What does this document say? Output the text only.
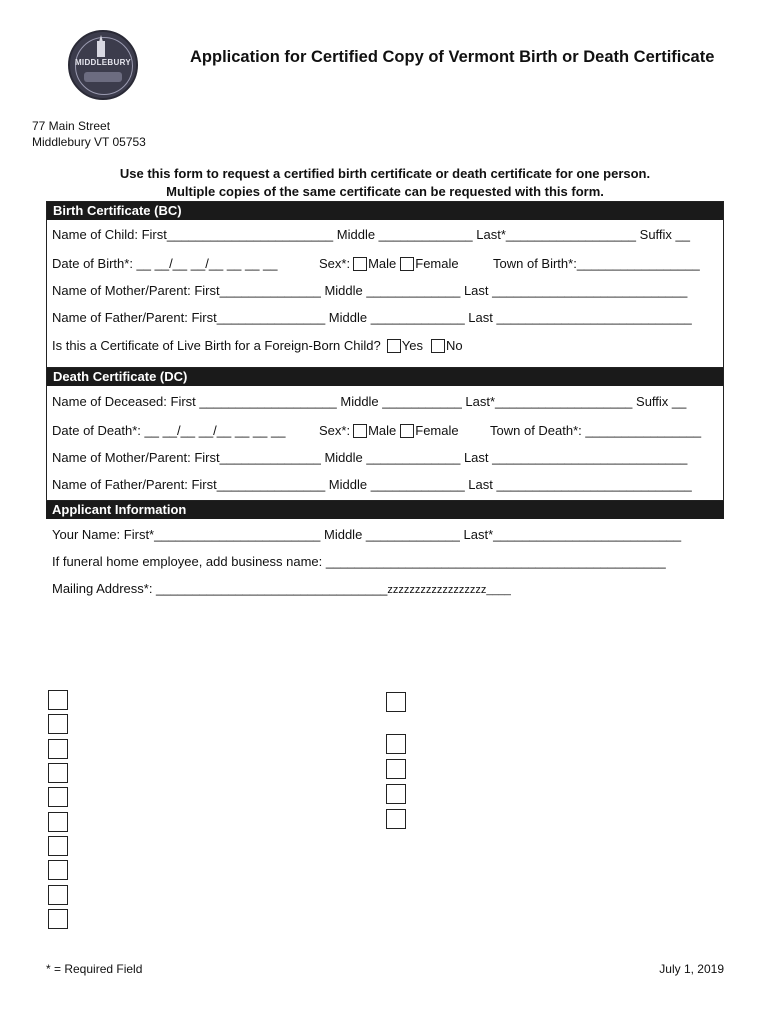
MIDDLEBURY	Application for Certified Copy of Vermont Birth or Death Certificate
77 Main Street
Middlebury VT 05753
Use this form to request a certified birth certificate or death certificate for one person.
Multiple copies of the same certificate can be requested with this form.
Birth Certificate (BC)
Name of Child: First_______________________ Middle _____________ Last*__________________ Suffix __
Date of Birth*: __ __/__ __/__ __ __ __	Sex*: Male Female	Town of Birth*:_________________
Name of Mother/Parent: First______________ Middle _____________ Last ___________________________
Name of Father/Parent: First_______________ Middle _____________ Last ___________________________
Is this a Certificate of Live Birth for a Foreign-Born Child? Yes No
Death Certificate (DC)
Name of Deceased: First ___________________ Middle ___________ Last*___________________ Suffix __
Date of Death*: __ __/__ __/__ __ __ __	Sex*: Male Female Town of Death*: ________________
Name of Mother/Parent: First______________ Middle _____________ Last ___________________________
Name of Father/Parent: First_______________ Middle _____________ Last ___________________________
Applicant Information
Your Name: First*_______________________ Middle _____________ Last*__________________________
If funeral home employee, add business name: _______________________________________________
Mailing Address*: ________________________________zzzzzzzzzzzzzzzzzz____
* = Required Field	July 1, 2019
